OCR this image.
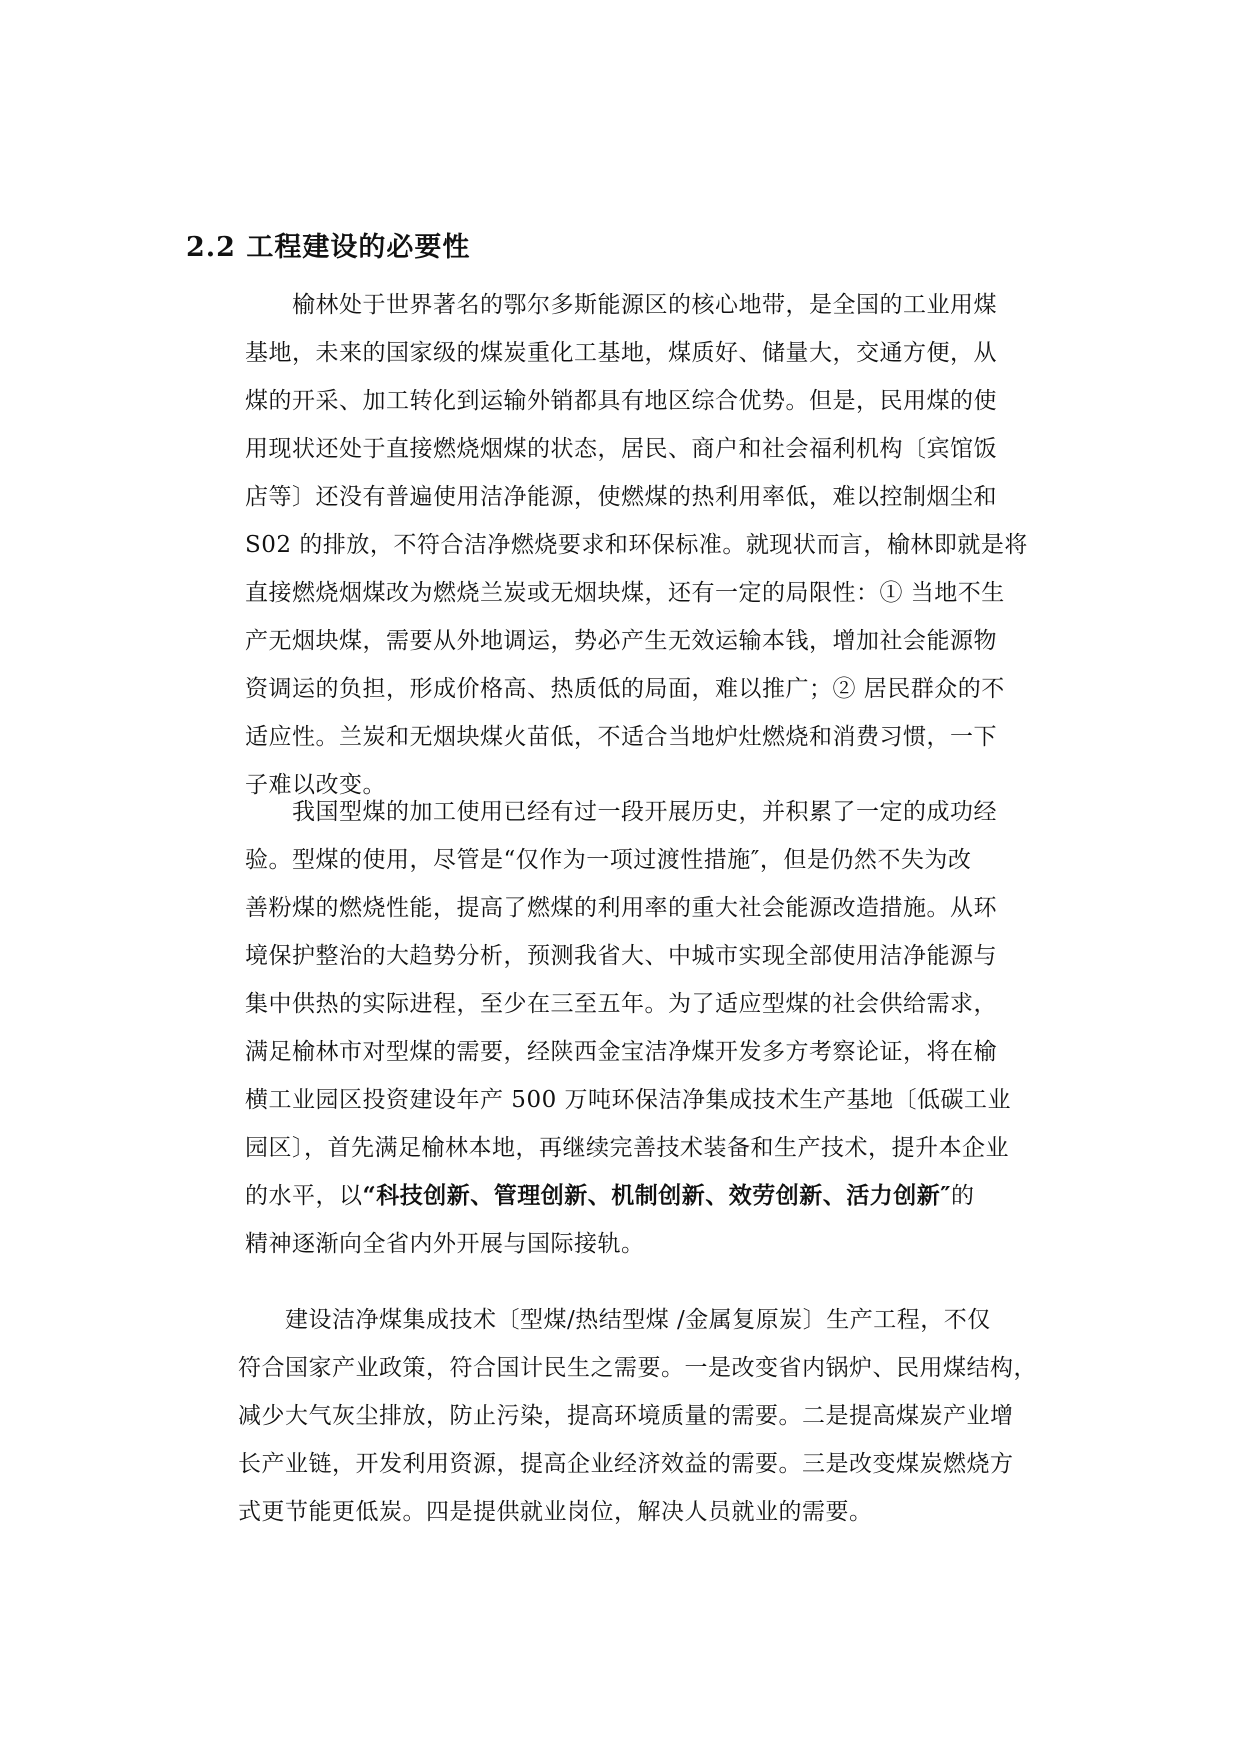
2.2 工程建设的必要性
　　榆林处于世界著名的鄂尔多斯能源区的核心地带，是全国的工业用煤
基地，未来的国家级的煤炭重化工基地，煤质好、储量大，交通方便，从
煤的开采、加工转化到运输外销都具有地区综合优势。但是，民用煤的使
用现状还处于直接燃烧烟煤的状态，居民、商户和社会福利机构〔宾馆饭
店等〕还没有普遍使用洁净能源，使燃煤的热利用率低，难以控制烟尘和
S02 的排放，不符合洁净燃烧要求和环保标准。就现状而言，榆林即就是将
直接燃烧烟煤改为燃烧兰炭或无烟块煤，还有一定的局限性：① 当地不生
产无烟块煤，需要从外地调运，势必产生无效运输本钱，增加社会能源物
资调运的负担，形成价格高、热质低的局面，难以推广；② 居民群众的不
适应性。兰炭和无烟块煤火苗低，不适合当地炉灶燃烧和消费习惯，一下
子难以改变。
　　我国型煤的加工使用已经有过一段开展历史，并积累了一定的成功经
验。型煤的使用，尽管是“仅作为一项过渡性措施″，但是仍然不失为改
善粉煤的燃烧性能，提高了燃煤的利用率的重大社会能源改造措施。从环
境保护整治的大趋势分析，预测我省大、中城市实现全部使用洁净能源与
集中供热的实际进程，至少在三至五年。为了适应型煤的社会供给需求，
满足榆林市对型煤的需要，经陕西金宝洁净煤开发多方考察论证，将在榆
横工业园区投资建设年产 500 万吨环保洁净集成技术生产基地〔低碳工业
园区〕，首先满足榆林本地，再继续完善技术装备和生产技术，提升本企业
的水平，以“科技创新、管理创新、机制创新、效劳创新、活力创新″的
精神逐渐向全省内外开展与国际接轨。
　　建设洁净煤集成技术〔型煤/热结型煤 /金属复原炭〕生产工程，不仅
符合国家产业政策，符合国计民生之需要。一是改变省内锅炉、民用煤结构，
减少大气灰尘排放，防止污染，提高环境质量的需要。二是提高煤炭产业增
长产业链，开发利用资源，提高企业经济效益的需要。三是改变煤炭燃烧方
式更节能更低炭。四是提供就业岗位，解决人员就业的需要。
